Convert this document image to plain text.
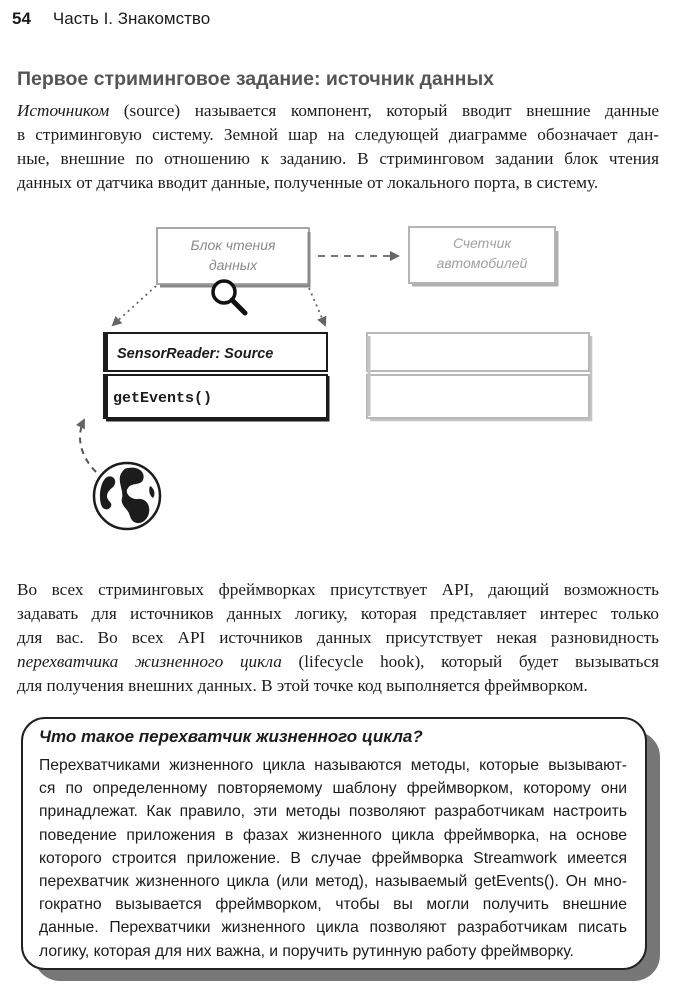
54 Часть I. Знакомство
Первое стриминговое задание: источник данных

Источником (source) называется компонент, который вводит внешние данные
в стриминговую систему. Земной шар на следующей диаграмме обозначает дан-
ные, внешние по отношению к заданию. В стриминговом задании блок чтения
данных от датчика вводит данные, полученные от локального порта, в систему.

Блок чтения
данных
Счетчик
автомобилей
SensorReader: Source
getEvents()

Во всех стриминговых фреймворках присутствует API, дающий возможность
задавать для источников данных логику, которая представляет интерес только
для вас. Во всех API источников данных присутствует некая разновидность
перехватчика жизненного цикла (lifecycle hook), который будет вызываться
для получения внешних данных. В этой точке код выполняется фреймворком.

Что такое перехватчик жизненного цикла?

Перехватчиками жизненного цикла называются методы, которые вызывают-
ся по определенному повторяемому шаблону фреймворком, которому они
принадлежат. Как правило, эти методы позволяют разработчикам настроить
поведение приложения в фазах жизненного цикла фреймворка, на основе
которого строится приложение. В случае фреймворка Streamwork имеется
перехватчик жизненного цикла (или метод), называемый getEvents(). Он мно-
гократно вызывается фреймворком, чтобы вы могли получить внешние
данные. Перехватчики жизненного цикла позволяют разработчикам писать
логику, которая для них важна, и поручить рутинную работу фреймворку.
